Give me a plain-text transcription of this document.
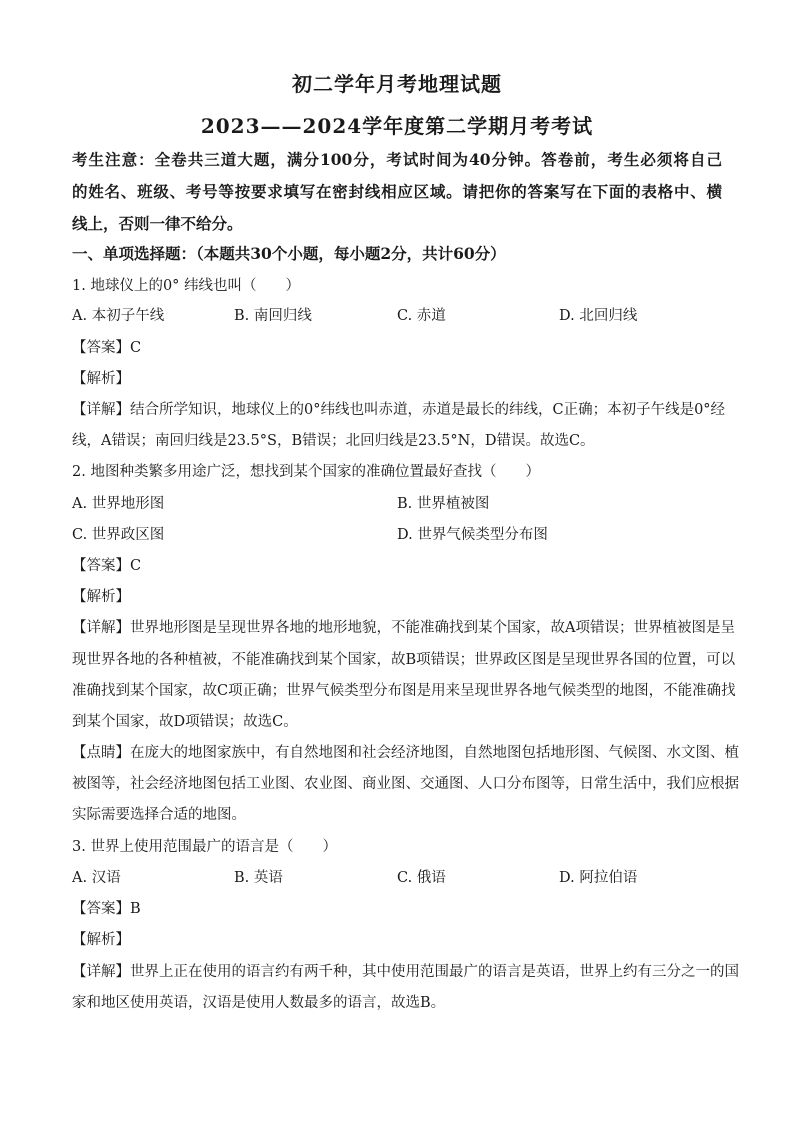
初二学年月考地理试题
2023——2024学年度第二学期月考考试
考生注意：全卷共三道大题，满分100分，考试时间为40分钟。答卷前，考生必须将自己
的姓名、班级、考号等按要求填写在密封线相应区域。请把你的答案写在下面的表格中、横
线上，否则一律不给分。
一、单项选择题：（本题共30个小题，每小题2分，共计60分）
1. 地球仪上的0° 纬线也叫（　　）
A. 本初子午线	B. 南回归线	C. 赤道	D. 北回归线
【答案】C
【解析】
【详解】结合所学知识，地球仪上的0°纬线也叫赤道，赤道是最长的纬线，C正确；本初子午线是0°经
线，A错误；南回归线是23.5°S，B错误；北回归线是23.5°N，D错误。故选C。
2. 地图种类繁多用途广泛，想找到某个国家的准确位置最好查找（　　）
A. 世界地形图	B. 世界植被图
C. 世界政区图	D. 世界气候类型分布图
【答案】C
【解析】
【详解】世界地形图是呈现世界各地的地形地貌，不能准确找到某个国家，故A项错误；世界植被图是呈
现世界各地的各种植被，不能准确找到某个国家，故B项错误；世界政区图是呈现世界各国的位置，可以
准确找到某个国家，故C项正确；世界气候类型分布图是用来呈现世界各地气候类型的地图，不能准确找
到某个国家，故D项错误；故选C。
【点睛】在庞大的地图家族中，有自然地图和社会经济地图，自然地图包括地形图、气候图、水文图、植
被图等，社会经济地图包括工业图、农业图、商业图、交通图、人口分布图等，日常生活中，我们应根据
实际需要选择合适的地图。
3. 世界上使用范围最广的语言是（　　）
A. 汉语	B. 英语	C. 俄语	D. 阿拉伯语
【答案】B
【解析】
【详解】世界上正在使用的语言约有两千种，其中使用范围最广的语言是英语，世界上约有三分之一的国
家和地区使用英语，汉语是使用人数最多的语言，故选B。
